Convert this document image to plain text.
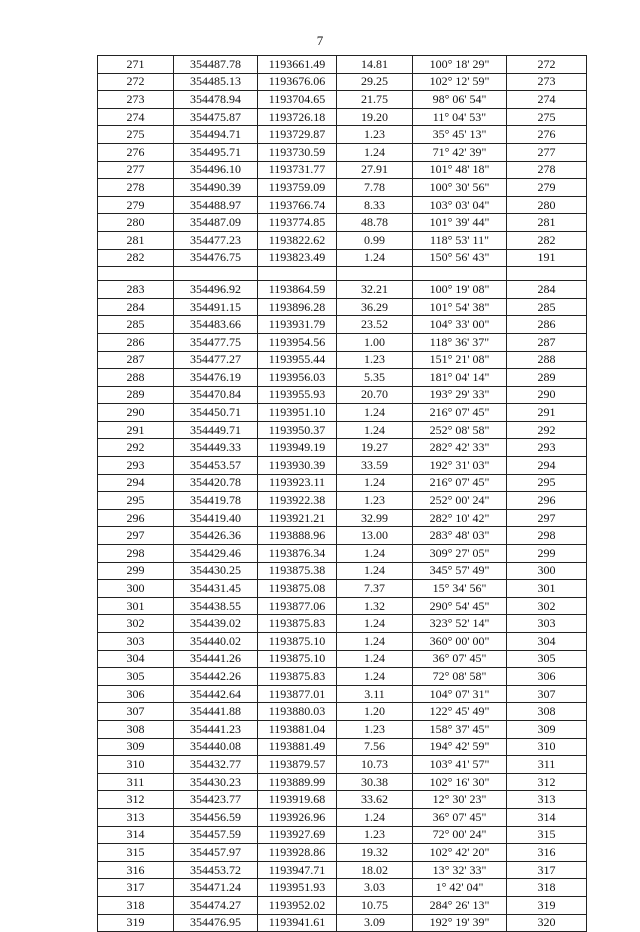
7
271	354487.78	1193661.49	14.81	100° 18' 29"	272
272	354485.13	1193676.06	29.25	102° 12' 59"	273
273	354478.94	1193704.65	21.75	98° 06' 54"	274
274	354475.87	1193726.18	19.20	11° 04' 53"	275
275	354494.71	1193729.87	1.23	35° 45' 13"	276
276	354495.71	1193730.59	1.24	71° 42' 39"	277
277	354496.10	1193731.77	27.91	101° 48' 18"	278
278	354490.39	1193759.09	7.78	100° 30' 56"	279
279	354488.97	1193766.74	8.33	103° 03' 04"	280
280	354487.09	1193774.85	48.78	101° 39' 44"	281
281	354477.23	1193822.62	0.99	118° 53' 11"	282
282	354476.75	1193823.49	1.24	150° 56' 43"	191

283	354496.92	1193864.59	32.21	100° 19' 08"	284
284	354491.15	1193896.28	36.29	101° 54' 38"	285
285	354483.66	1193931.79	23.52	104° 33' 00"	286
286	354477.75	1193954.56	1.00	118° 36' 37"	287
287	354477.27	1193955.44	1.23	151° 21' 08"	288
288	354476.19	1193956.03	5.35	181° 04' 14"	289
289	354470.84	1193955.93	20.70	193° 29' 33"	290
290	354450.71	1193951.10	1.24	216° 07' 45"	291
291	354449.71	1193950.37	1.24	252° 08' 58"	292
292	354449.33	1193949.19	19.27	282° 42' 33"	293
293	354453.57	1193930.39	33.59	192° 31' 03"	294
294	354420.78	1193923.11	1.24	216° 07' 45"	295
295	354419.78	1193922.38	1.23	252° 00' 24"	296
296	354419.40	1193921.21	32.99	282° 10' 42"	297
297	354426.36	1193888.96	13.00	283° 48' 03"	298
298	354429.46	1193876.34	1.24	309° 27' 05"	299
299	354430.25	1193875.38	1.24	345° 57' 49"	300
300	354431.45	1193875.08	7.37	15° 34' 56"	301
301	354438.55	1193877.06	1.32	290° 54' 45"	302
302	354439.02	1193875.83	1.24	323° 52' 14"	303
303	354440.02	1193875.10	1.24	360° 00' 00"	304
304	354441.26	1193875.10	1.24	36° 07' 45"	305
305	354442.26	1193875.83	1.24	72° 08' 58"	306
306	354442.64	1193877.01	3.11	104° 07' 31"	307
307	354441.88	1193880.03	1.20	122° 45' 49"	308
308	354441.23	1193881.04	1.23	158° 37' 45"	309
309	354440.08	1193881.49	7.56	194° 42' 59"	310
310	354432.77	1193879.57	10.73	103° 41' 57"	311
311	354430.23	1193889.99	30.38	102° 16' 30"	312
312	354423.77	1193919.68	33.62	12° 30' 23"	313
313	354456.59	1193926.96	1.24	36° 07' 45"	314
314	354457.59	1193927.69	1.23	72° 00' 24"	315
315	354457.97	1193928.86	19.32	102° 42' 20"	316
316	354453.72	1193947.71	18.02	13° 32' 33"	317
317	354471.24	1193951.93	3.03	1° 42' 04"	318
318	354474.27	1193952.02	10.75	284° 26' 13"	319
319	354476.95	1193941.61	3.09	192° 19' 39"	320
